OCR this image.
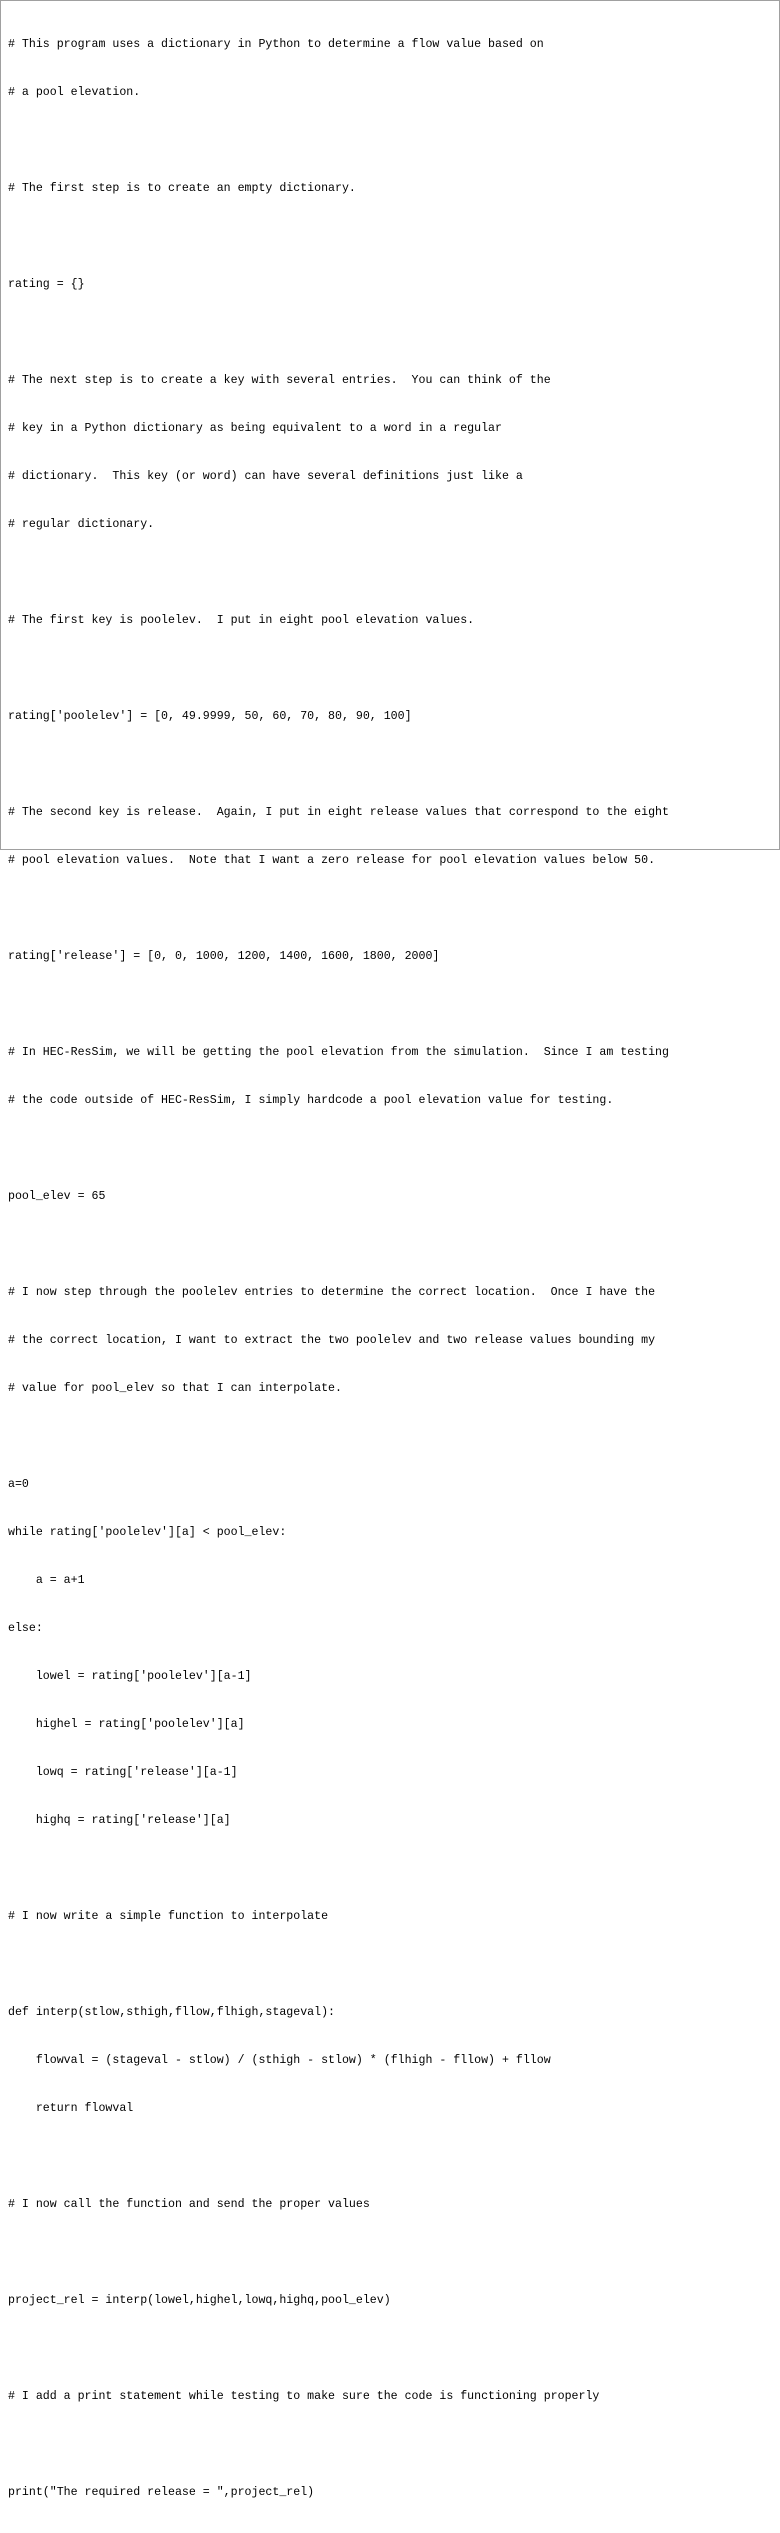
# This program uses a dictionary in Python to determine a flow value based on

# a pool elevation.

# The first step is to create an empty dictionary.

rating = {}

# The next step is to create a key with several entries.  You can think of the

# key in a Python dictionary as being equivalent to a word in a regular

# dictionary.  This key (or word) can have several definitions just like a

# regular dictionary.

# The first key is poolelev.  I put in eight pool elevation values.

rating['poolelev'] = [0, 49.9999, 50, 60, 70, 80, 90, 100]

# The second key is release.  Again, I put in eight release values that correspond to the eight

# pool elevation values.  Note that I want a zero release for pool elevation values below 50.

rating['release'] = [0, 0, 1000, 1200, 1400, 1600, 1800, 2000]

# In HEC-ResSim, we will be getting the pool elevation from the simulation.  Since I am testing

# the code outside of HEC-ResSim, I simply hardcode a pool elevation value for testing.

pool_elev = 65

# I now step through the poolelev entries to determine the correct location.  Once I have the

# the correct location, I want to extract the two poolelev and two release values bounding my

# value for pool_elev so that I can interpolate.

a=0

while rating['poolelev'][a] < pool_elev:

a = a+1

else:

lowel = rating['poolelev'][a-1]

highel = rating['poolelev'][a]

lowq = rating['release'][a-1]

highq = rating['release'][a]

# I now write a simple function to interpolate

def interp(stlow,sthigh,fllow,flhigh,stageval):

flowval = (stageval - stlow) / (sthigh - stlow) * (flhigh - fllow) + fllow

return flowval

# I now call the function and send the proper values

project_rel = interp(lowel,highel,lowq,highq,pool_elev)

# I add a print statement while testing to make sure the code is functioning properly

print("The required release = ",project_rel)
